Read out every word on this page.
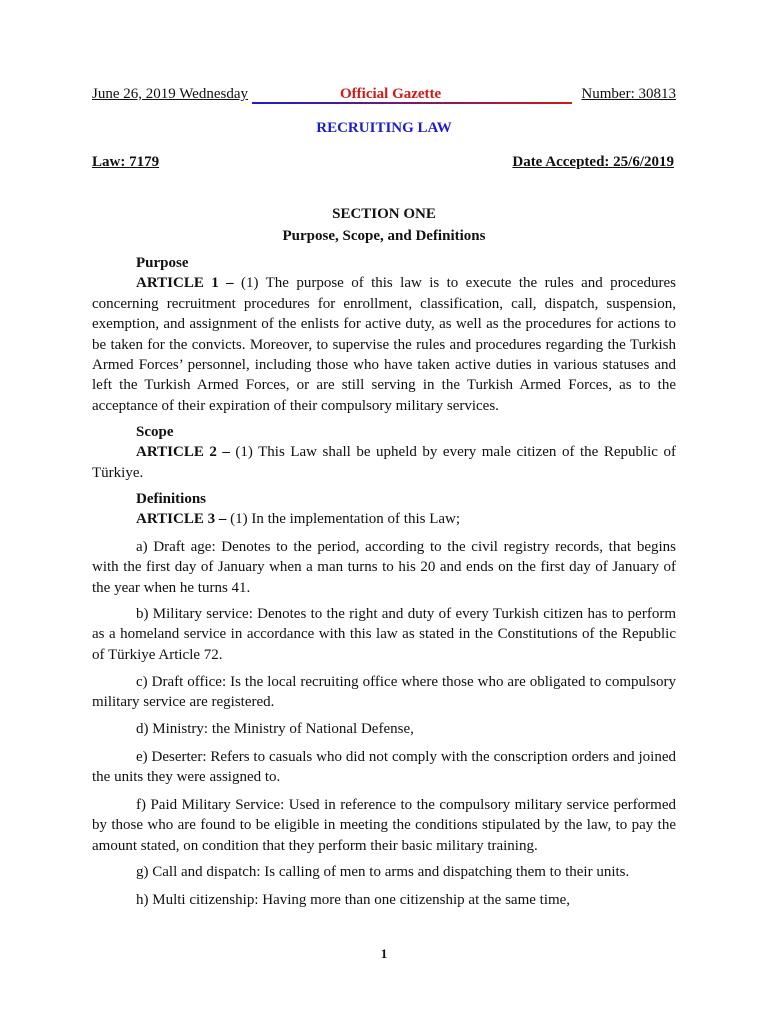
June 26, 2019 Wednesday	Official Gazette	Number: 30813
RECRUITING LAW
Law: 7179	Date Accepted: 25/6/2019
SECTION ONE
Purpose, Scope, and Definitions
Purpose
ARTICLE 1 – (1) The purpose of this law is to execute the rules and procedures concerning recruitment procedures for enrollment, classification, call, dispatch, suspension, exemption, and assignment of the enlists for active duty, as well as the procedures for actions to be taken for the convicts. Moreover, to supervise the rules and procedures regarding the Turkish Armed Forces’ personnel, including those who have taken active duties in various statuses and left the Turkish Armed Forces, or are still serving in the Turkish Armed Forces, as to the acceptance of their expiration of their compulsory military services.
Scope
ARTICLE 2 – (1) This Law shall be upheld by every male citizen of the Republic of Türkiye.
Definitions
ARTICLE 3 – (1) In the implementation of this Law;
a) Draft age: Denotes to the period, according to the civil registry records, that begins with the first day of January when a man turns to his 20 and ends on the first day of January of the year when he turns 41.
b) Military service: Denotes to the right and duty of every Turkish citizen has to perform as a homeland service in accordance with this law as stated in the Constitutions of the Republic of Türkiye Article 72.
c) Draft office: Is the local recruiting office where those who are obligated to compulsory military service are registered.
d) Ministry: the Ministry of National Defense,
e) Deserter: Refers to casuals who did not comply with the conscription orders and joined the units they were assigned to.
f) Paid Military Service: Used in reference to the compulsory military service performed by those who are found to be eligible in meeting the conditions stipulated by the law, to pay the amount stated, on condition that they perform their basic military training.
g) Call and dispatch: Is calling of men to arms and dispatching them to their units.
h) Multi citizenship: Having more than one citizenship at the same time,
1
